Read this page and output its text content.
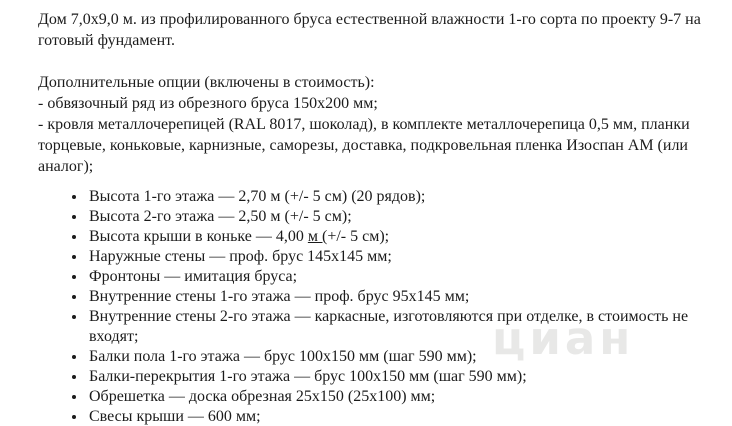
Дом 7,0x9,0 м. из профилированного бруса естественной влажности 1-го сорта по проекту 9-7 на готовый фундамент.

Дополнительные опции (включены в стоимость):

- обвязочный ряд из обрезного бруса 150x200 мм;

- кровля металлочерепицей (RAL 8017, шоколад), в комплекте металлочерепица 0,5 мм, планки торцевые, коньковые, карнизные, саморезы, доставка, подкровельная пленка Изоспан АМ (или аналог);

• Высота 1-го этажа — 2,70 м (+/- 5 см) (20 рядов);
• Высота 2-го этажа — 2,50 м (+/- 5 см);
• Высота крыши в коньке — 4,00 м (+/- 5 см);
• Наружные стены — проф. брус 145x145 мм;
• Фронтоны — имитация бруса;
• Внутренние стены 1-го этажа — проф. брус 95x145 мм;
• Внутренние стены 2-го этажа — каркасные, изготовляются при отделке, в стоимость не входят;
• Балки пола 1-го этажа — брус 100x150 мм (шаг 590 мм);
• Балки-перекрытия 1-го этажа — брус 100x150 мм (шаг 590 мм);
• Обрешетка — доска обрезная 25x150 (25x100) мм;
• Свесы крыши — 600 мм;
циан
